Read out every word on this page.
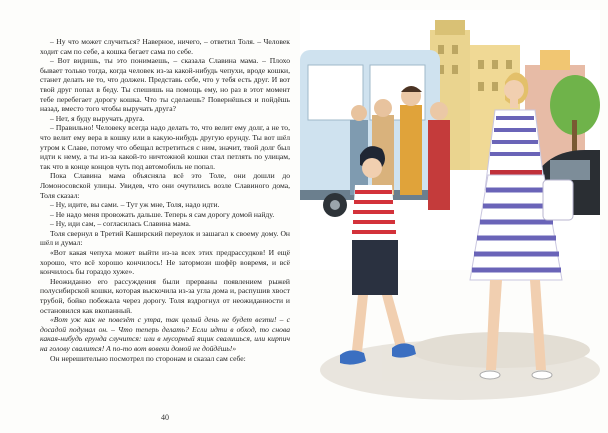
– Ну что может случиться? Наверное, ничего, – ответил Толя. – Человек ходит сам по себе, а кошка бегает сама по себе.

– Вот видишь, ты это понимаешь, – сказала Славина мама. – Плохо бывает только тогда, когда человек из-за какой-нибудь чепухи, вроде кошки, станет делать не то, что должен. Представь себе, что у тебя есть друг. И вот твой друг попал в беду. Ты спешишь на помощь ему, но раз в этот момент тебе перебегает дорогу кошка. Что ты сделаешь? Повернёшься и пойдёшь назад, вместо того чтобы выручать друга?

– Нет, я буду выручать друга.

– Правильно! Человеку всегда надо делать то, что велит ему долг, а не то, что велит ему вера в кошку или в какую-нибудь другую ерунду. Ты вот шёл утром к Славе, потому что обещал встретиться с ним, значит, твой долг был идти к нему, а ты из-за какой-то ничтожной кошки стал петлять по улицам, так что в конце концов чуть под автомобиль не попал.

Пока Славина мама объясняла всё это Толе, они дошли до Ломоносовской улицы. Увидев, что они очутились возле Славиного дома, Толя сказал:

– Ну, идите, вы сами. – Тут уж мне, Толя, надо идти.

– Не надо меня провожать дальше. Теперь я сам дорогу домой найду.

– Ну, иди сам, – согласилась Славина мама.

Толя свернул в Третий Каширский переулок и зашагал к своему дому. Он шёл и думал:

«Вот какая чепуха может выйти из-за всех этих предрассудков! И ещё хорошо, что всё хорошо кончилось! Не затормози шофёр вовремя, и всё кончилось бы гораздо хуже».

Неожиданно его рассуждения были прерваны появлением рыжей полусибирской кошки, которая выскочила из-за угла дома и, распушив хвост трубой, бойко побежала через дорогу. Толя вздрогнул от неожиданности и остановился как вкопанный.

«Вот уж как не повезёт с утра, так целый день не будет везти! – с досадой подумал он. – Что теперь делать? Если идти в обход, то снова какая-нибудь ерунда случится: или в мусорный ящик свалишься, или кирпич на голову свалится! А по-то вот вовеки домой не дойдёшь!»

Он нерешительно посмотрел по сторонам и сказал сам себе:

40
